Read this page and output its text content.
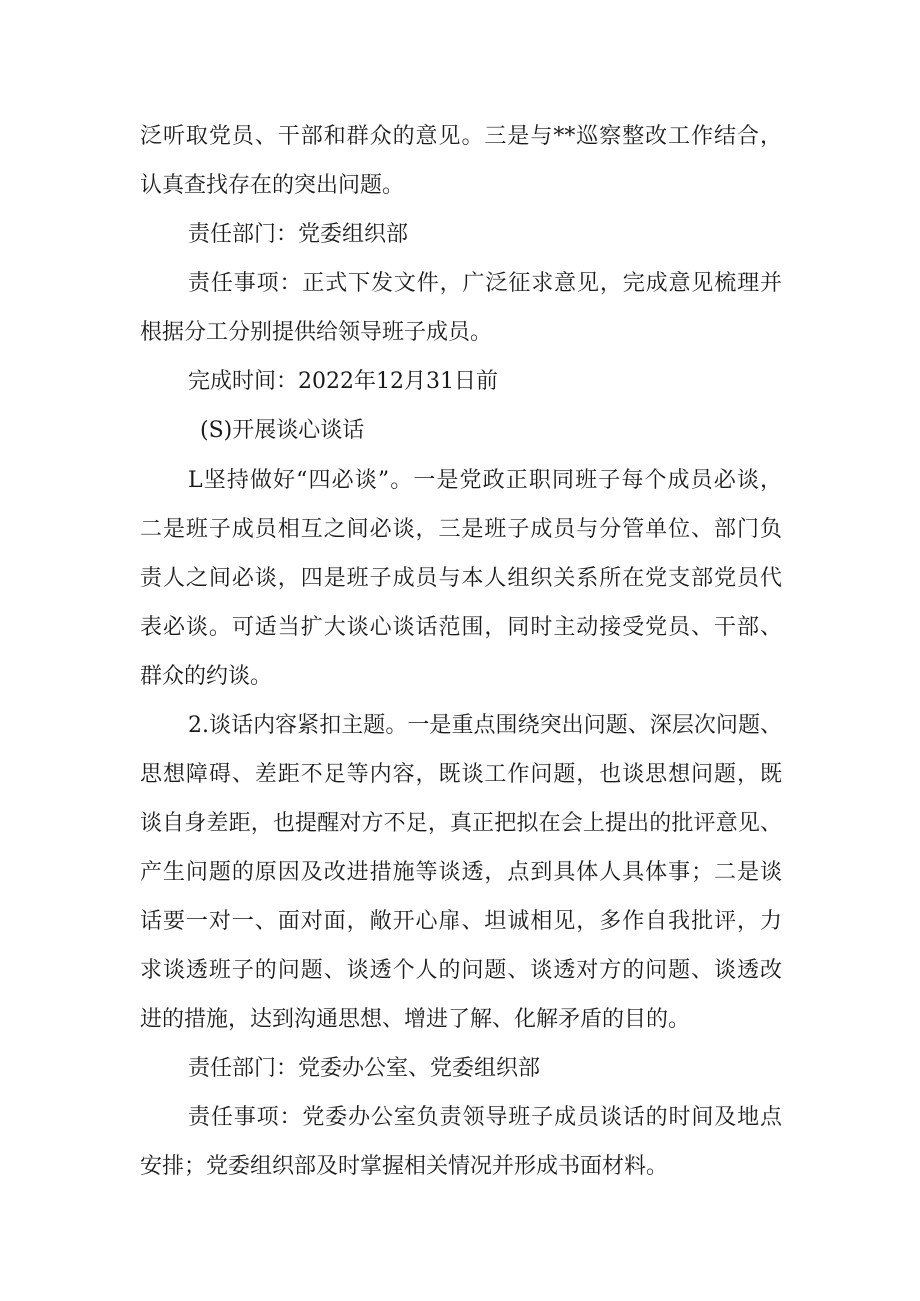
泛听取党员、干部和群众的意见。三是与**巡察整改工作结合，
认真查找存在的突出问题。
责任部门：党委组织部
责任事项：正式下发文件，广泛征求意见，完成意见梳理并
根据分工分别提供给领导班子成员。
完成时间：2022年12月31日前
(S)开展谈心谈话
L坚持做好“四必谈”。一是党政正职同班子每个成员必谈，
二是班子成员相互之间必谈，三是班子成员与分管单位、部门负
责人之间必谈，四是班子成员与本人组织关系所在党支部党员代
表必谈。可适当扩大谈心谈话范围，同时主动接受党员、干部、
群众的约谈。
2.谈话内容紧扣主题。一是重点围绕突出问题、深层次问题、
思想障碍、差距不足等内容，既谈工作问题，也谈思想问题，既
谈自身差距，也提醒对方不足，真正把拟在会上提出的批评意见、
产生问题的原因及改进措施等谈透，点到具体人具体事；二是谈
话要一对一、面对面，敞开心扉、坦诚相见，多作自我批评，力
求谈透班子的问题、谈透个人的问题、谈透对方的问题、谈透改
进的措施，达到沟通思想、增进了解、化解矛盾的目的。
责任部门：党委办公室、党委组织部
责任事项：党委办公室负责领导班子成员谈话的时间及地点
安排；党委组织部及时掌握相关情况并形成书面材料。
